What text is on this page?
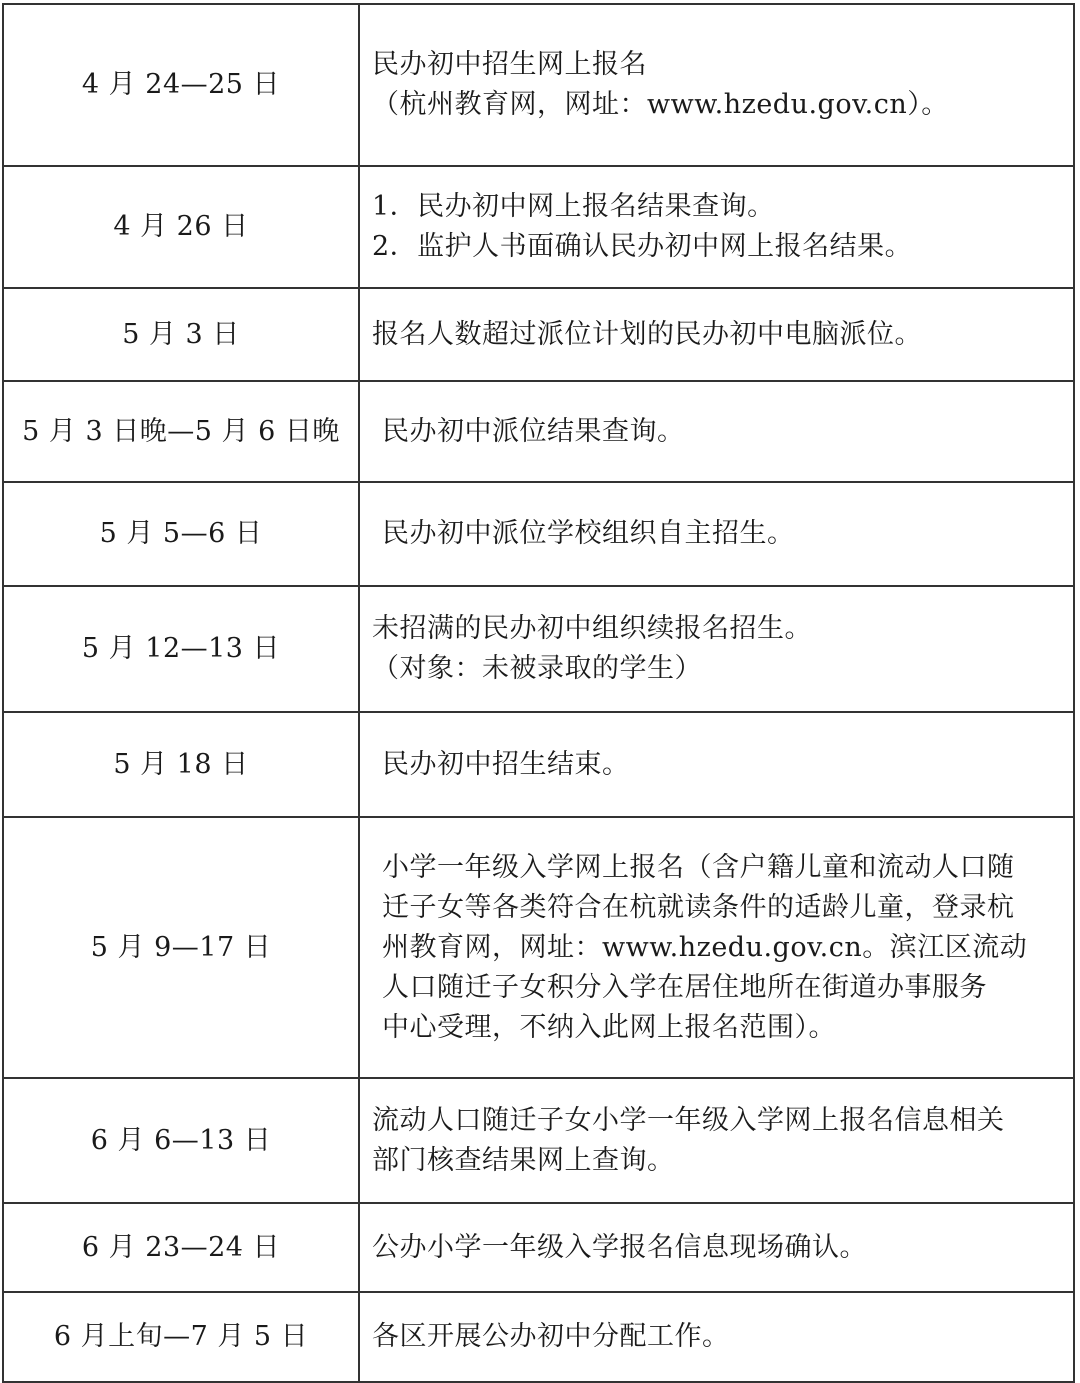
4 月 24—25 日	民办初中招生网上报名
（杭州教育网，网址：www.hzedu.gov.cn）。

4 月 26 日	1．民办初中网上报名结果查询。
2．监护人书面确认民办初中网上报名结果。

5 月 3 日	报名人数超过派位计划的民办初中电脑派位。

5 月 3 日晚—5 月 6 日晚	民办初中派位结果查询。

5 月 5—6 日	民办初中派位学校组织自主招生。

5 月 12—13 日	未招满的民办初中组织续报名招生。
（对象：未被录取的学生）

5 月 18 日	民办初中招生结束。

5 月 9—17 日	小学一年级入学网上报名（含户籍儿童和流动人口随
迁子女等各类符合在杭就读条件的适龄儿童，登录杭
州教育网，网址：www.hzedu.gov.cn。滨江区流动
人口随迁子女积分入学在居住地所在街道办事服务
中心受理，不纳入此网上报名范围）。

6 月 6—13 日	流动人口随迁子女小学一年级入学网上报名信息相关
部门核查结果网上查询。

6 月 23—24 日	公办小学一年级入学报名信息现场确认。

6 月上旬—7 月 5 日	各区开展公办初中分配工作。
